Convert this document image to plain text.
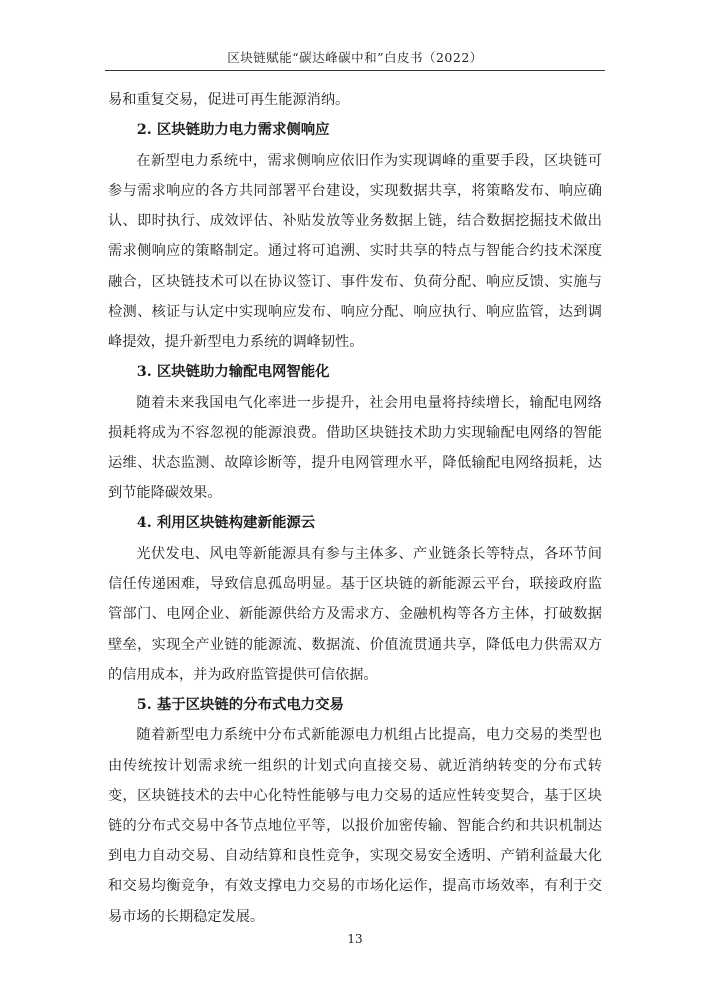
区块链赋能“碳达峰碳中和”白皮书（2022）

易和重复交易，促进可再生能源消纳。

2. 区块链助力电力需求侧响应

在新型电力系统中，需求侧响应依旧作为实现调峰的重要手段，区块链可参与需求响应的各方共同部署平台建设，实现数据共享，将策略发布、响应确认、即时执行、成效评估、补贴发放等业务数据上链，结合数据挖掘技术做出需求侧响应的策略制定。通过将可追溯、实时共享的特点与智能合约技术深度融合，区块链技术可以在协议签订、事件发布、负荷分配、响应反馈、实施与检测、核证与认定中实现响应发布、响应分配、响应执行、响应监管，达到调峰提效，提升新型电力系统的调峰韧性。

3. 区块链助力输配电网智能化

随着未来我国电气化率进一步提升，社会用电量将持续增长，输配电网络损耗将成为不容忽视的能源浪费。借助区块链技术助力实现输配电网络的智能运维、状态监测、故障诊断等，提升电网管理水平，降低输配电网络损耗，达到节能降碳效果。

4. 利用区块链构建新能源云

光伏发电、风电等新能源具有参与主体多、产业链条长等特点，各环节间信任传递困难，导致信息孤岛明显。基于区块链的新能源云平台，联接政府监管部门、电网企业、新能源供给方及需求方、金融机构等各方主体，打破数据壁垒，实现全产业链的能源流、数据流、价值流贯通共享，降低电力供需双方的信用成本，并为政府监管提供可信依据。

5. 基于区块链的分布式电力交易

随着新型电力系统中分布式新能源电力机组占比提高，电力交易的类型也由传统按计划需求统一组织的计划式向直接交易、就近消纳转变的分布式转变，区块链技术的去中心化特性能够与电力交易的适应性转变契合，基于区块链的分布式交易中各节点地位平等，以报价加密传输、智能合约和共识机制达到电力自动交易、自动结算和良性竞争，实现交易安全透明、产销利益最大化和交易均衡竞争，有效支撑电力交易的市场化运作，提高市场效率，有利于交易市场的长期稳定发展。

13
